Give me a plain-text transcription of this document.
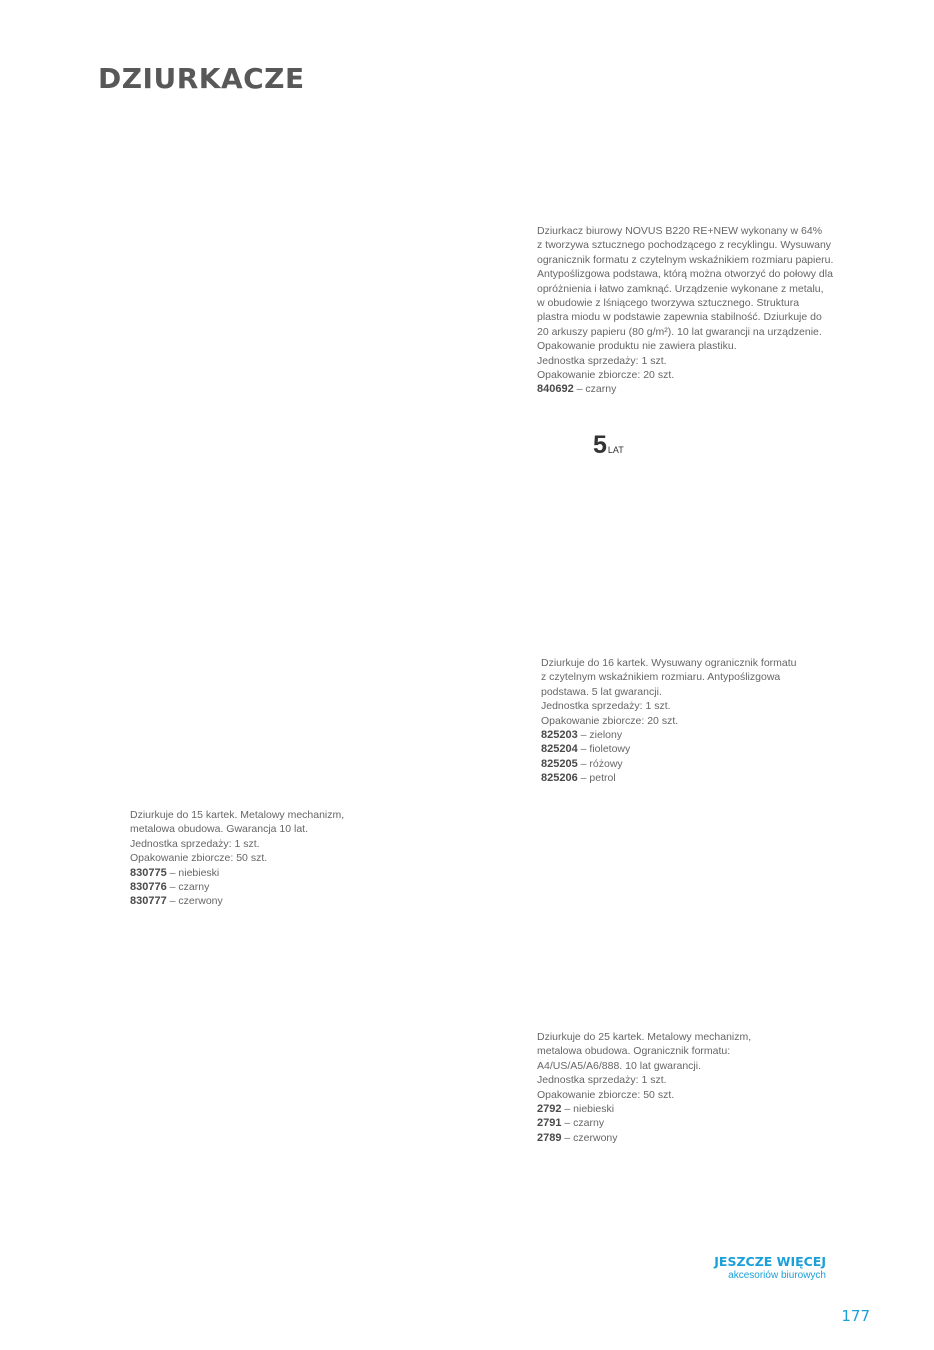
DZIURKACZE
Dziurkacz biurowy NOVUS B220 RE+NEW wykonany w 64%
z tworzywa sztucznego pochodzącego z recyklingu. Wysuwany
ogranicznik formatu z czytelnym wskaźnikiem rozmiaru papieru.
Antypoślizgowa podstawa, którą można otworzyć do połowy dla
opróżnienia i łatwo zamknąć. Urządzenie wykonane z metalu,
w obudowie z lśniącego tworzywa sztucznego. Struktura
plastra miodu w podstawie zapewnia stabilność. Dziurkuje do
20 arkuszy papieru (80 g/m²). 10 lat gwarancji na urządzenie.
Opakowanie produktu nie zawiera plastiku.
Jednostka sprzedaży: 1 szt.
Opakowanie zbiorcze: 20 szt.
840692 – czarny
5 LAT
Dziurkuje do 16 kartek. Wysuwany ogranicznik formatu
z czytelnym wskaźnikiem rozmiaru. Antypoślizgowa
podstawa. 5 lat gwarancji.
Jednostka sprzedaży: 1 szt.
Opakowanie zbiorcze: 20 szt.
825203 – zielony
825204 – fioletowy
825205 – różowy
825206 – petrol
Dziurkuje do 15 kartek. Metalowy mechanizm,
metalowa obudowa. Gwarancja 10 lat.
Jednostka sprzedaży: 1 szt.
Opakowanie zbiorcze: 50 szt.
830775 – niebieski
830776 – czarny
830777 – czerwony
Dziurkuje do 25 kartek. Metalowy mechanizm,
metalowa obudowa. Ogranicznik formatu:
A4/US/A5/A6/888. 10 lat gwarancji.
Jednostka sprzedaży: 1 szt.
Opakowanie zbiorcze: 50 szt.
2792 – niebieski
2791 – czarny
2789 – czerwony
JESZCZE WIĘCEJ
akcesoriów biurowych
177
